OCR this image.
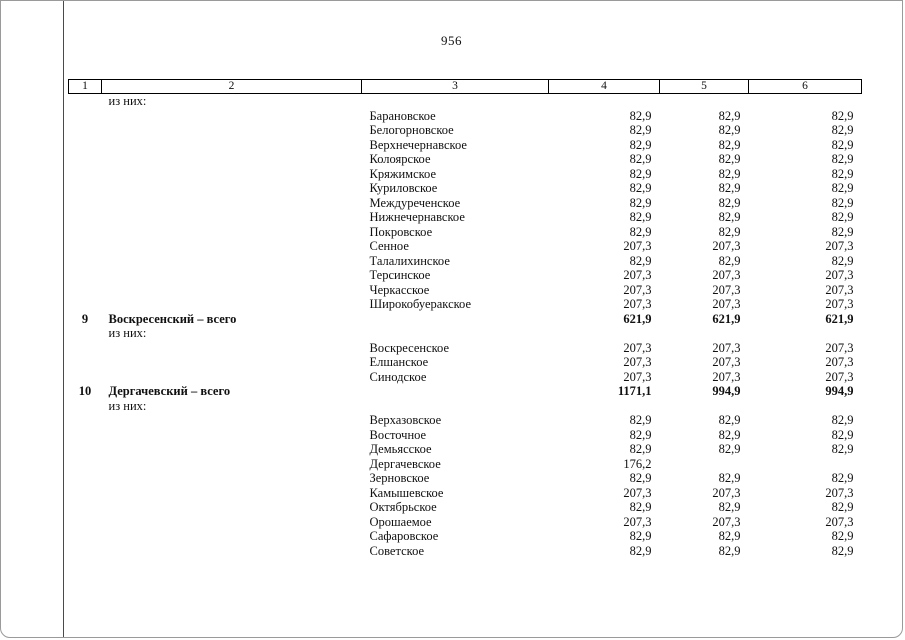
956
1	2	3	4	5	6
	из них:				
		Барановское	82,9	82,9	82,9
		Белогорновское	82,9	82,9	82,9
		Верхнечернавское	82,9	82,9	82,9
		Колоярское	82,9	82,9	82,9
		Кряжимское	82,9	82,9	82,9
		Куриловское	82,9	82,9	82,9
		Междуреченское	82,9	82,9	82,9
		Нижнечернавское	82,9	82,9	82,9
		Покровское	82,9	82,9	82,9
		Сенное	207,3	207,3	207,3
		Талалихинское	82,9	82,9	82,9
		Терсинское	207,3	207,3	207,3
		Черкасское	207,3	207,3	207,3
		Широкобуеракское	207,3	207,3	207,3
9	Воскресенский – всего		621,9	621,9	621,9
	из них:				
		Воскресенское	207,3	207,3	207,3
		Елшанское	207,3	207,3	207,3
		Синодское	207,3	207,3	207,3
10	Дергачевский – всего		1171,1	994,9	994,9
	из них:				
		Верхазовское	82,9	82,9	82,9
		Восточное	82,9	82,9	82,9
		Демьясское	82,9	82,9	82,9
		Дергачевское	176,2		
		Зерновское	82,9	82,9	82,9
		Камышевское	207,3	207,3	207,3
		Октябрьское	82,9	82,9	82,9
		Орошаемое	207,3	207,3	207,3
		Сафаровское	82,9	82,9	82,9
		Советское	82,9	82,9	82,9
